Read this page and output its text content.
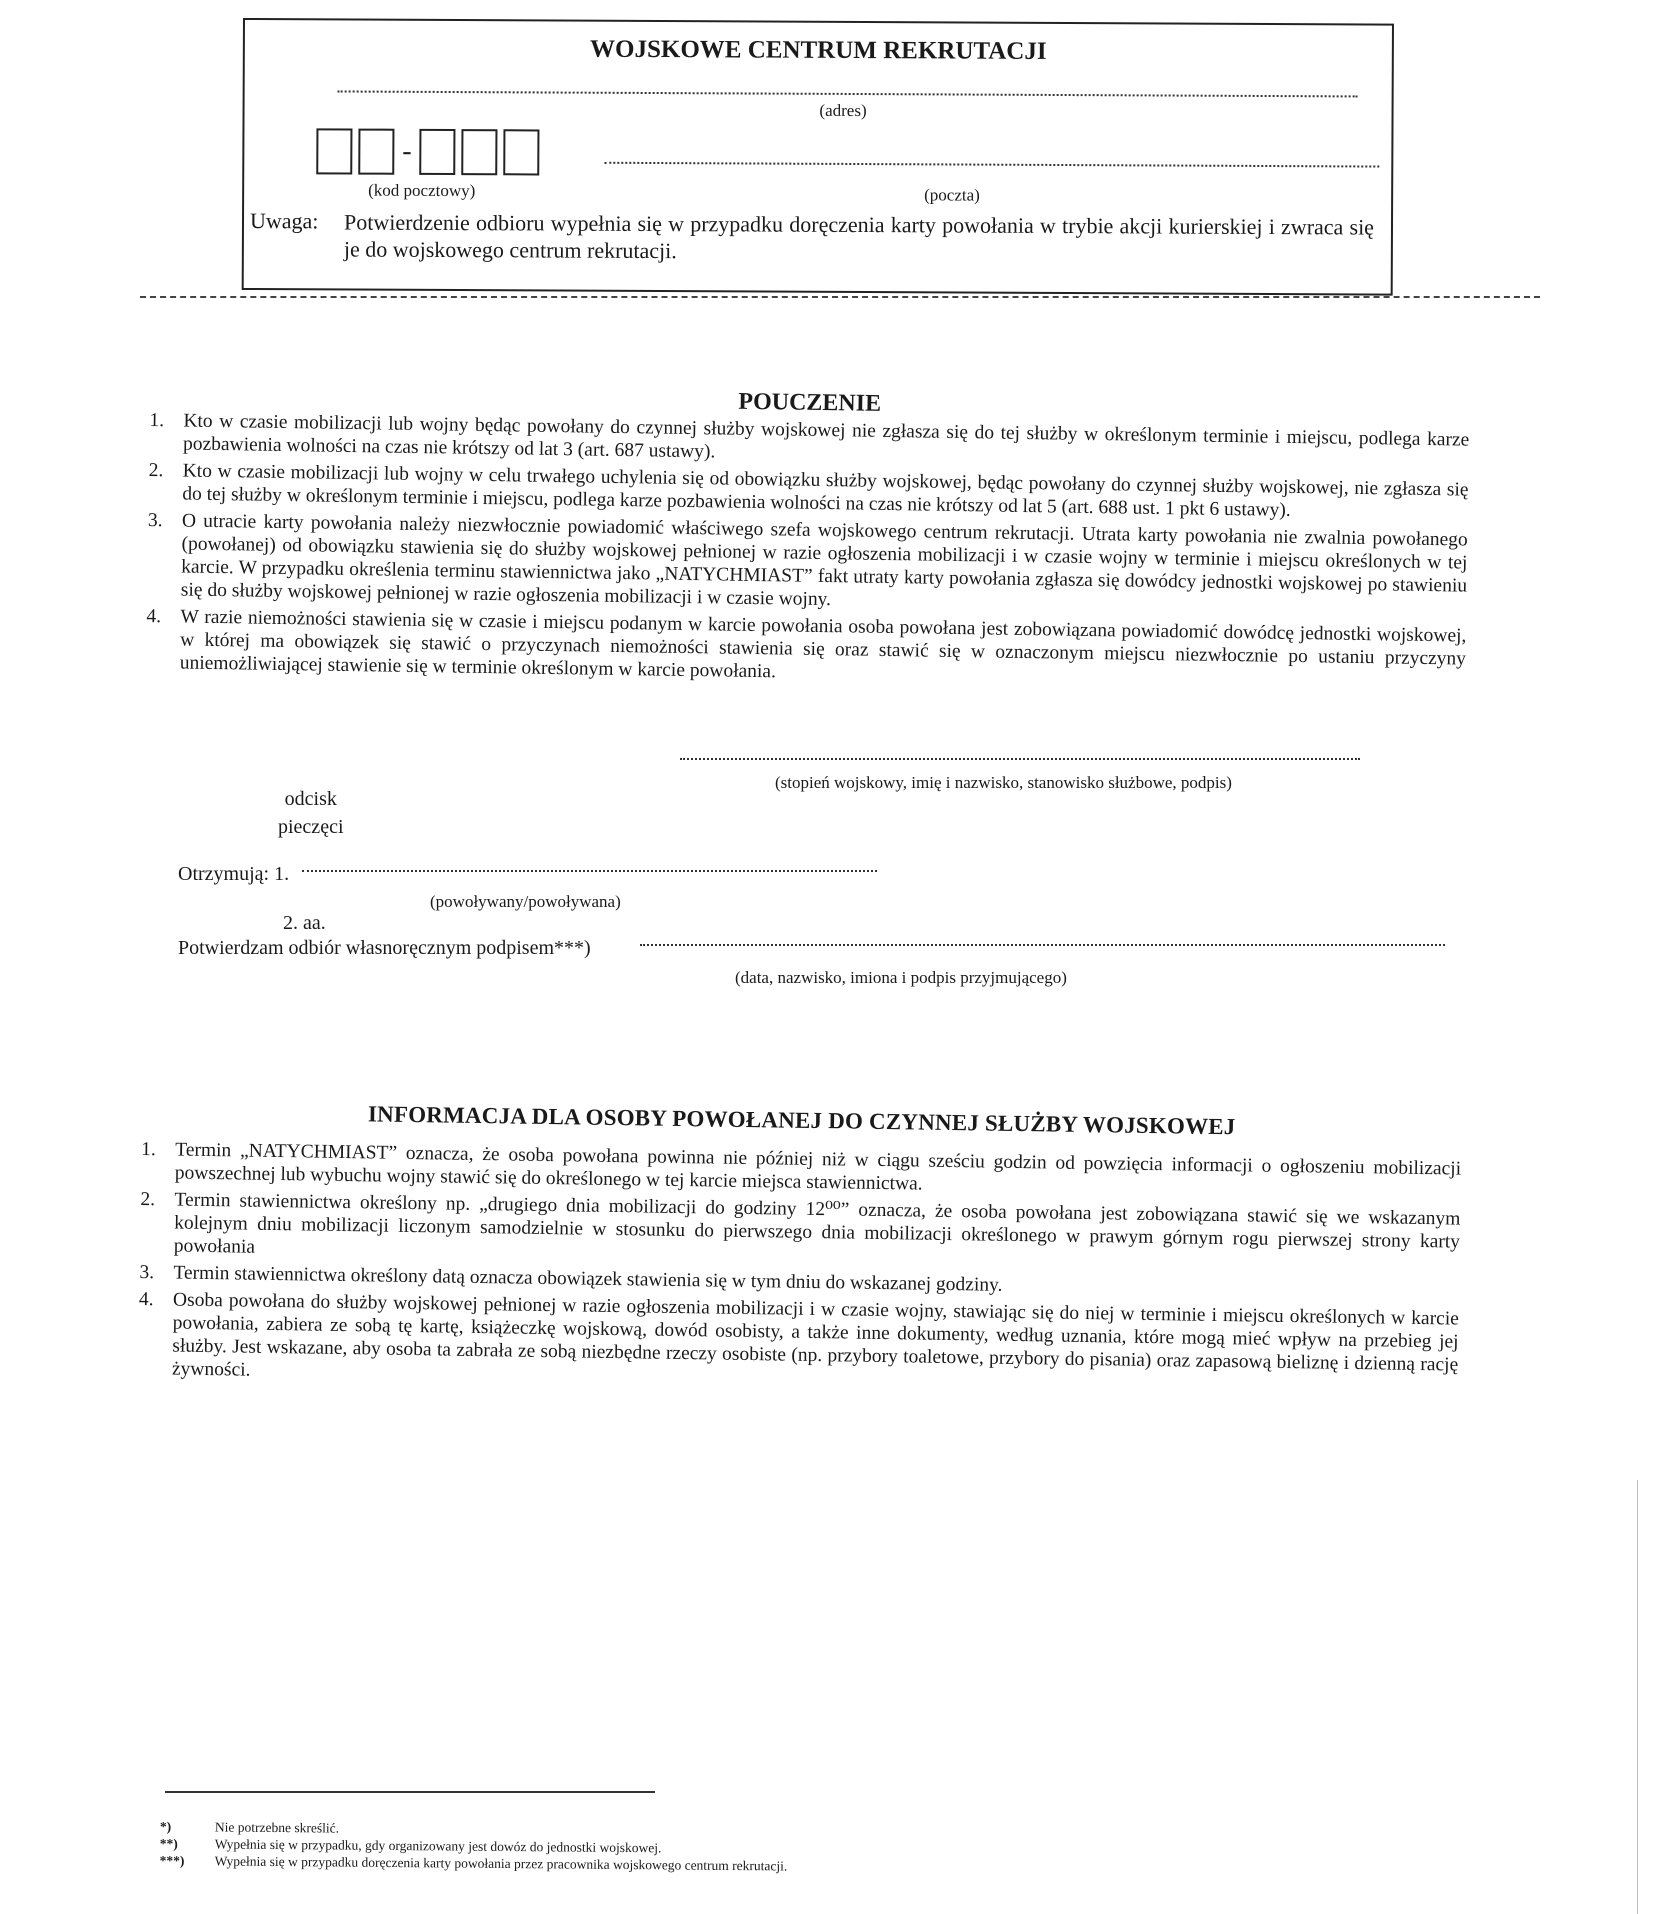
WOJSKOWE CENTRUM REKRUTACJI
(adres)
-
(kod pocztowy)	(poczta)
Uwaga: Potwierdzenie odbioru wypełnia się w przypadku doręczenia karty powołania w trybie akcji kurierskiej i zwraca się je do wojskowego centrum rekrutacji.
POUCZENIE
1. Kto w czasie mobilizacji lub wojny będąc powołany do czynnej służby wojskowej nie zgłasza się do tej służby w określonym terminie i miejscu, podlega karze pozbawienia wolności na czas nie krótszy od lat 3 (art. 687 ustawy).
2. Kto w czasie mobilizacji lub wojny w celu trwałego uchylenia się od obowiązku służby wojskowej, będąc powołany do czynnej służby wojskowej, nie zgłasza się do tej służby w określonym terminie i miejscu, podlega karze pozbawienia wolności na czas nie krótszy od lat 5 (art. 688 ust. 1 pkt 6 ustawy).
3. O utracie karty powołania należy niezwłocznie powiadomić właściwego szefa wojskowego centrum rekrutacji. Utrata karty powołania nie zwalnia powołanego (powołanej) od obowiązku stawienia się do służby wojskowej pełnionej w razie ogłoszenia mobilizacji i w czasie wojny w terminie i miejscu określonych w tej karcie. W przypadku określenia terminu stawiennictwa jako „NATYCHMIAST” fakt utraty karty powołania zgłasza się dowódcy jednostki wojskowej po stawieniu się do służby wojskowej pełnionej w razie ogłoszenia mobilizacji i w czasie wojny.
4. W razie niemożności stawienia się w czasie i miejscu podanym w karcie powołania osoba powołana jest zobowiązana powiadomić dowódcę jednostki wojskowej, w której ma obowiązek się stawić o przyczynach niemożności stawienia się oraz stawić się w oznaczonym miejscu niezwłocznie po ustaniu przyczyny uniemożliwiającej stawienie się w terminie określonym w karcie powołania.
(stopień wojskowy, imię i nazwisko, stanowisko służbowe, podpis)
odcisk
pieczęci
Otrzymują: 1.
(powoływany/powoływana)
2. aa.
Potwierdzam odbiór własnoręcznym podpisem***)
(data, nazwisko, imiona i podpis przyjmującego)
INFORMACJA DLA OSOBY POWOŁANEJ DO CZYNNEJ SŁUŻBY WOJSKOWEJ
1. Termin „NATYCHMIAST” oznacza, że osoba powołana powinna nie później niż w ciągu sześciu godzin od powzięcia informacji o ogłoszeniu mobilizacji powszechnej lub wybuchu wojny stawić się do określonego w tej karcie miejsca stawiennictwa.
2. Termin stawiennictwa określony np. „drugiego dnia mobilizacji do godziny 12⁰⁰” oznacza, że osoba powołana jest zobowiązana stawić się we wskazanym kolejnym dniu mobilizacji liczonym samodzielnie w stosunku do pierwszego dnia mobilizacji określonego w prawym górnym rogu pierwszej strony karty powołania
3. Termin stawiennictwa określony datą oznacza obowiązek stawienia się w tym dniu do wskazanej godziny.
4. Osoba powołana do służby wojskowej pełnionej w razie ogłoszenia mobilizacji i w czasie wojny, stawiając się do niej w terminie i miejscu określonych w karcie powołania, zabiera ze sobą tę kartę, książeczkę wojskową, dowód osobisty, a także inne dokumenty, według uznania, które mogą mieć wpływ na przebieg jej służby. Jest wskazane, aby osoba ta zabrała ze sobą niezbędne rzeczy osobiste (np. przybory toaletowe, przybory do pisania) oraz zapasową bieliznę i dzienną rację żywności.
*)	Nie potrzebne skreślić.
**)	Wypełnia się w przypadku, gdy organizowany jest dowóz do jednostki wojskowej.
***)	Wypełnia się w przypadku doręczenia karty powołania przez pracownika wojskowego centrum rekrutacji.
